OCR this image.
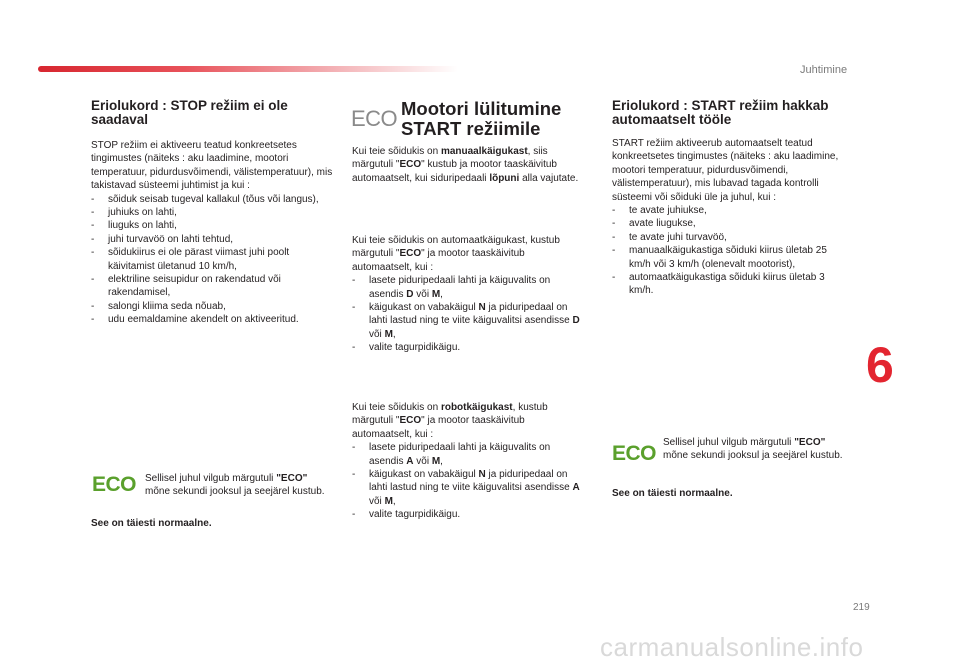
Juhtimine
6
219
carmanualsonline.info
Eriolukord : STOP režiim ei ole saadaval

STOP režiim ei aktiveeru teatud konkreetsetes tingimustes (näiteks : aku laadimine, mootori temperatuur, pidurdusvõimendi, välistemperatuur), mis takistavad süsteemi juhtimist ja kui :

- sõiduk seisab tugeval kallakul (tõus või langus),
- juhiuks on lahti,
- liuguks on lahti,
- juhi turvavöö on lahti tehtud,
- sõidukiirus ei ole pärast viimast juhi poolt käivitamist ületanud 10 km/h,
- elektriline seisupidur on rakendatud või rakendamisel,
- salongi kliima seda nõuab,
- udu eemaldamine akendelt on aktiveeritud.
ECO Sellisel juhul vilgub märgutuli "ECO" mõne sekundi jooksul ja seejärel kustub.
See on täiesti normaalne.
ECO Mootori lülitumine START režiimile
Kui teie sõidukis on manuaalkäigukast, siis märgutuli "ECO" kustub ja mootor taaskäivitub automaatselt, kui siduripedaali lõpuni alla vajutate.

Kui teie sõidukis on automaatkäigukast, kustub märgutuli "ECO" ja mootor taaskäivitub automaatselt, kui :

- lasete piduripedaali lahti ja käiguvalits on asendis D või M,
- käigukast on vabakäigul N ja piduripedaal on lahti lastud ning te viite käiguvalitsi asendisse D või M,
- valite tagurpidikäigu.

Kui teie sõidukis on robotkäigukast, kustub märgutuli "ECO" ja mootor taaskäivitub automaatselt, kui :

- lasete piduripedaali lahti ja käiguvalits on asendis A või M,
- käigukast on vabakäigul N ja piduripedaal on lahti lastud ning te viite käiguvalitsi asendisse A või M,
- valite tagurpidikäigu.
Eriolukord : START režiim hakkab automaatselt tööle

START režiim aktiveerub automaatselt teatud konkreetsetes tingimustes (näiteks : aku laadimine, mootori temperatuur, pidurdusvõimendi, välistemperatuur), mis lubavad tagada kontrolli süsteemi või sõiduki üle ja juhul, kui :

- te avate juhiukse,
- avate liugukse,
- te avate juhi turvavöö,
- manuaalkäigukastiga sõiduki kiirus ületab 25 km/h või 3 km/h (olenevalt mootorist),
- automaatkäigukastiga sõiduki kiirus ületab 3 km/h.
ECO Sellisel juhul vilgub märgutuli "ECO" mõne sekundi jooksul ja seejärel kustub.
See on täiesti normaalne.
